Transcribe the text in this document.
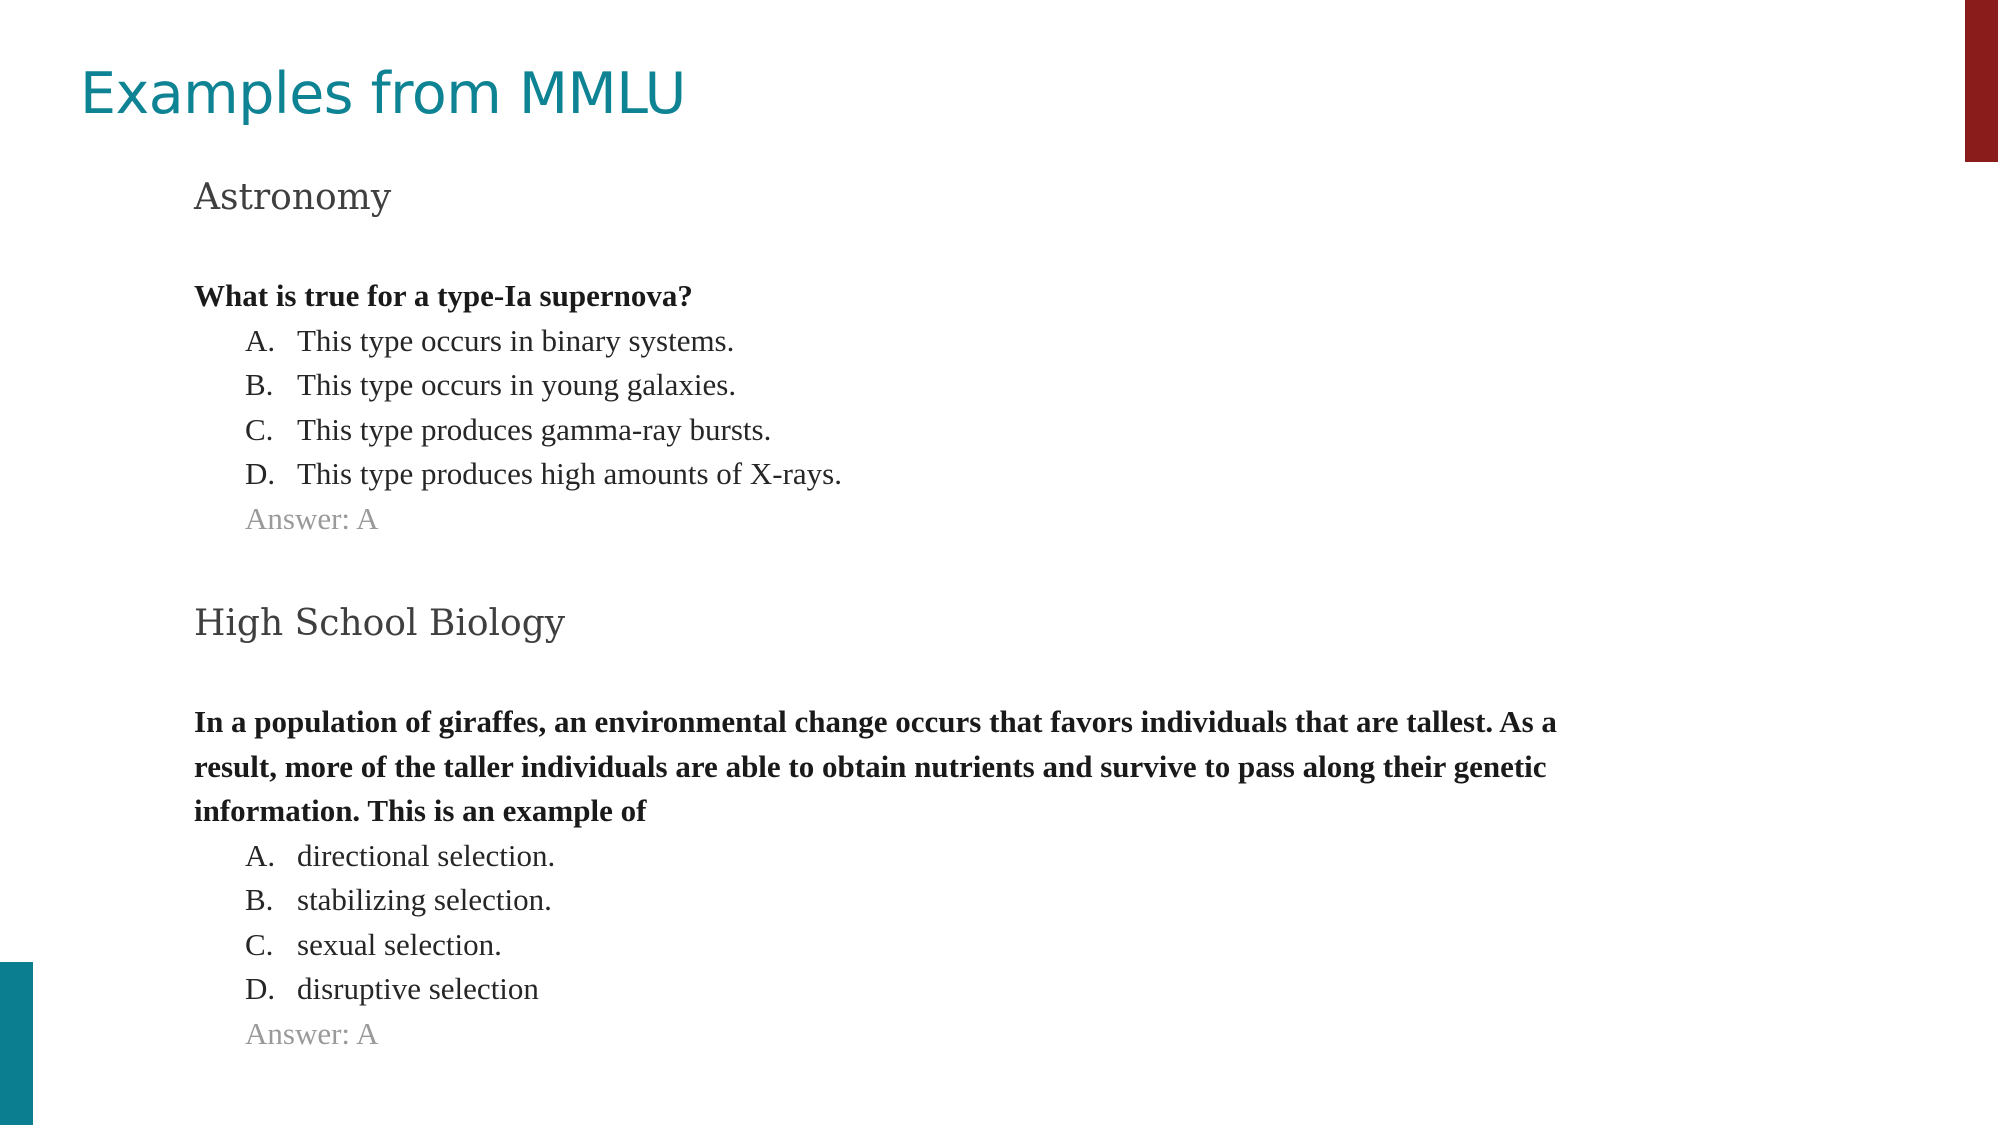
Examples from MMLU
Astronomy

What is true for a type-Ia supernova?

A. This type occurs in binary systems.
B. This type occurs in young galaxies.
C. This type produces gamma-ray bursts.
D. This type produces high amounts of X-rays.

Answer: A

High School Biology

In a population of giraffes, an environmental change occurs that favors individuals that are tallest. As a result, more of the taller individuals are able to obtain nutrients and survive to pass along their genetic information. This is an example of

A. directional selection.
B. stabilizing selection.
C. sexual selection.
D. disruptive selection

Answer: A
